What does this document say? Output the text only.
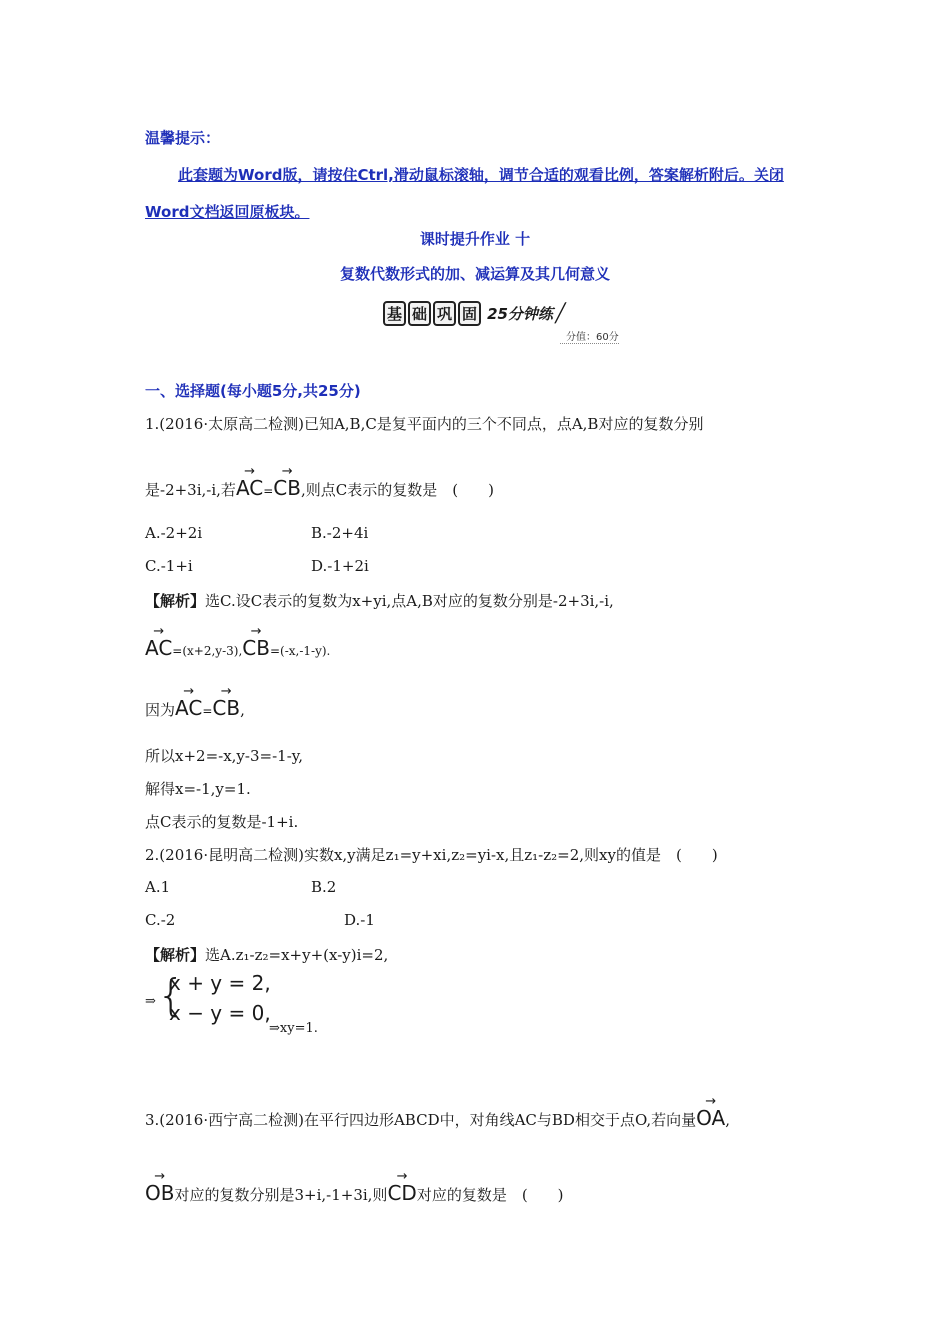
温馨提示：
此套题为Word版，请按住Ctrl,滑动鼠标滚轴，调节合适的观看比例，答案解析附后。关闭Word文档返回原板块。
课时提升作业 十
复数代数形式的加、减运算及其几何意义
基 础 巩 固 25分钟练 ╱
分值：60分
一、选择题(每小题5分,共25分)
1.(2016·太原高二检测)已知A,B,C是复平面内的三个不同点，点A,B对应的复数分别
是-2+3i,-i,若→ AC=→ CB,则点C表示的复数是　(　　)
A.-2+2i	B.-2+4i
C.-1+i	D.-1+2i
【解析】选C.设C表示的复数为x+yi,点A,B对应的复数分别是-2+3i,-i,
→ AC=(x+2,y-3),→ CB=(-x,-1-y).
因为→ AC=→ CB,
所以x+2=-x,y-3=-1-y,
解得x=-1,y=1.
点C表示的复数是-1+i.
2.(2016·昆明高二检测)实数x,y满足z₁=y+xi,z₂=yi-x,且z₁-z₂=2,则xy的值是　(　　)
A.1	B.2
C.-2	D.-1
【解析】选A.z₁-z₂=x+y+(x-y)i=2,
⇒ {
x + y = 2,
x − y = 0,
⇒xy=1.
3.(2016·西宁高二检测)在平行四边形ABCD中，对角线AC与BD相交于点O,若向量→ OA,
→ OB对应的复数分别是3+i,-1+3i,则→ CD对应的复数是　(　　)
